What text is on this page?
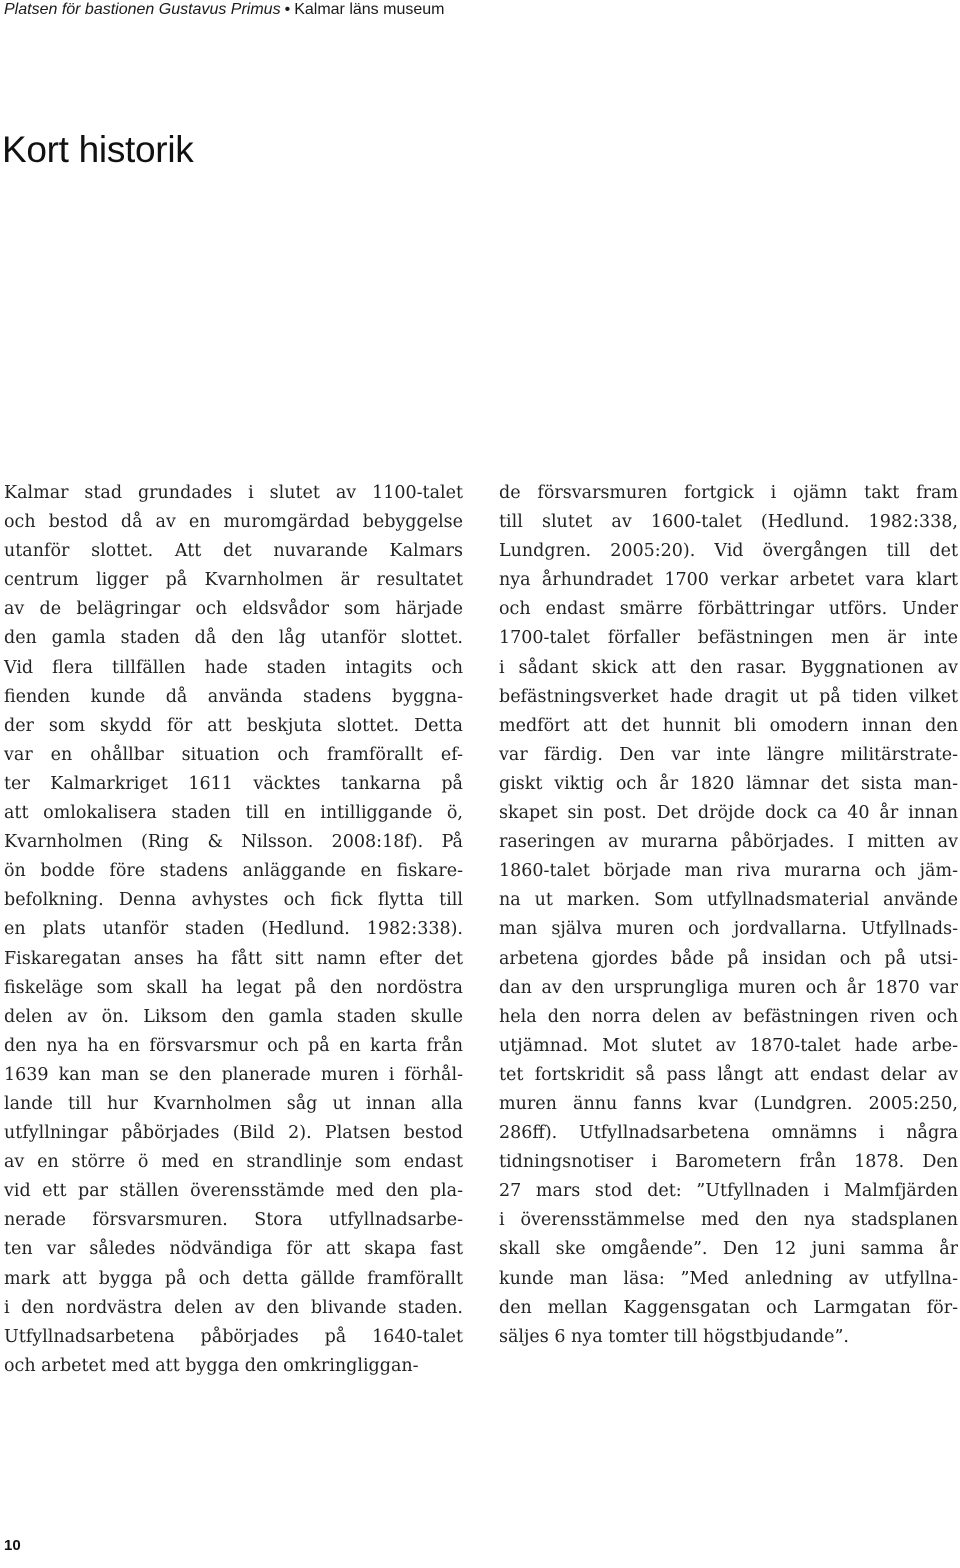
Platsen för bastionen Gustavus Primus • Kalmar läns museum
Kort historik
Kalmar stad grundades i slutet av 1100-talet
och bestod då av en muromgärdad bebyggelse
utanför slottet. Att det nuvarande Kalmars
centrum ligger på Kvarnholmen är resultatet
av de belägringar och eldsvådor som härjade
den gamla staden då den låg utanför slottet.
Vid flera tillfällen hade staden intagits och
fienden kunde då använda stadens byggna-
der som skydd för att beskjuta slottet. Detta
var en ohållbar situation och framförallt ef-
ter Kalmarkriget 1611 väcktes tankarna på
att omlokalisera staden till en intilliggande ö,
Kvarnholmen (Ring & Nilsson. 2008:18f). På
ön bodde före stadens anläggande en fiskare-
befolkning. Denna avhystes och fick flytta till
en plats utanför staden (Hedlund. 1982:338).
Fiskaregatan anses ha fått sitt namn efter det
fiskeläge som skall ha legat på den nordöstra
delen av ön. Liksom den gamla staden skulle
den nya ha en försvarsmur och på en karta från
1639 kan man se den planerade muren i förhål-
lande till hur Kvarnholmen såg ut innan alla
utfyllningar påbörjades (Bild 2). Platsen bestod
av en större ö med en strandlinje som endast
vid ett par ställen överensstämde med den pla-
nerade försvarsmuren. Stora utfyllnadsarbe-
ten var således nödvändiga för att skapa fast
mark att bygga på och detta gällde framförallt
i den nordvästra delen av den blivande staden.
Utfyllnadsarbetena påbörjades på 1640-talet
och arbetet med att bygga den omkringliggan-
de försvarsmuren fortgick i ojämn takt fram
till slutet av 1600-talet (Hedlund. 1982:338,
Lundgren. 2005:20). Vid övergången till det
nya århundradet 1700 verkar arbetet vara klart
och endast smärre förbättringar utförs. Under
1700-talet förfaller befästningen men är inte
i sådant skick att den rasar. Byggnationen av
befästningsverket hade dragit ut på tiden vilket
medfört att det hunnit bli omodern innan den
var färdig. Den var inte längre militärstrate-
giskt viktig och år 1820 lämnar det sista man-
skapet sin post. Det dröjde dock ca 40 år innan
raseringen av murarna påbörjades. I mitten av
1860-talet började man riva murarna och jäm-
na ut marken. Som utfyllnadsmaterial använde
man själva muren och jordvallarna. Utfyllnads-
arbetena gjordes både på insidan och på utsi-
dan av den ursprungliga muren och år 1870 var
hela den norra delen av befästningen riven och
utjämnad. Mot slutet av 1870-talet hade arbe-
tet fortskridit så pass långt att endast delar av
muren ännu fanns kvar (Lundgren. 2005:250,
286ff). Utfyllnadsarbetena omnämns i några
tidningsnotiser i Barometern från 1878. Den
27 mars stod det: ”Utfyllnaden i Malmfjärden
i överensstämmelse med den nya stadsplanen
skall ske omgående”. Den 12 juni samma år
kunde man läsa: ”Med anledning av utfyllna-
den mellan Kaggensgatan och Larmgatan för-
säljes 6 nya tomter till högstbjudande”.
10
